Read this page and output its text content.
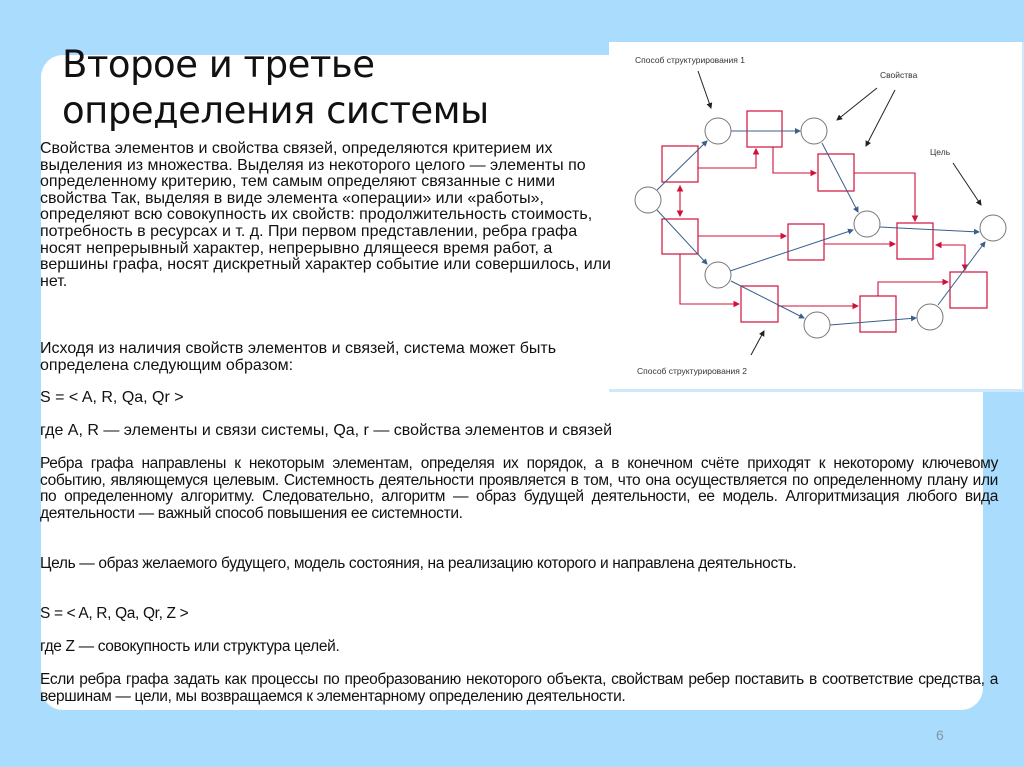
Второе и третье
определения системы
Способ структурирования 1
Свойства
Цель
Способ структурирования 2

Свойства элементов и свойства связей, определяются критерием их выделения из множества. Выделяя из некоторого целого — элементы по определенному критерию, тем самым определяют связанные с ними свойства Так, выделяя в виде элемента «операции» или «работы», определяют всю совокупность их свойств: продолжительность стоимость, потребность в ресурсах и т. д. При первом представлении, ребра графа носят непрерывный характер, непрерывно длящееся время работ, а вершины графа, носят дискретный характер событие или совершилось, или нет.

Исходя из наличия свойств элементов и связей, система может быть определена следующим образом:

S = < A, R, Qa, Qr >

где A, R — элементы и связи системы, Qa, r — свойства элементов и связей

Ребра графа направлены к некоторым элементам, определяя их порядок, а в конечном счёте приходят к некоторому ключевому событию, являющемуся целевым. Системность деятельности проявляется в том, что она осуществляется по определенному плану или по определенному алгоритму. Следовательно, алгоритм — образ будущей деятельности, ее модель. Алгоритмизация любого вида деятельности — важный способ повышения ее системности.

Цель — образ желаемого будущего, модель состояния, на реализацию которого и направлена деятельность.

S = < A, R, Qa, Qr, Z >

где Z — совокупность или структура целей.

Если ребра графа задать как процессы по преобразованию некоторого объекта, свойствам ребер поставить в соответствие средства, а вершинам — цели, мы возвращаемся к элементарному определению деятельности.

6
